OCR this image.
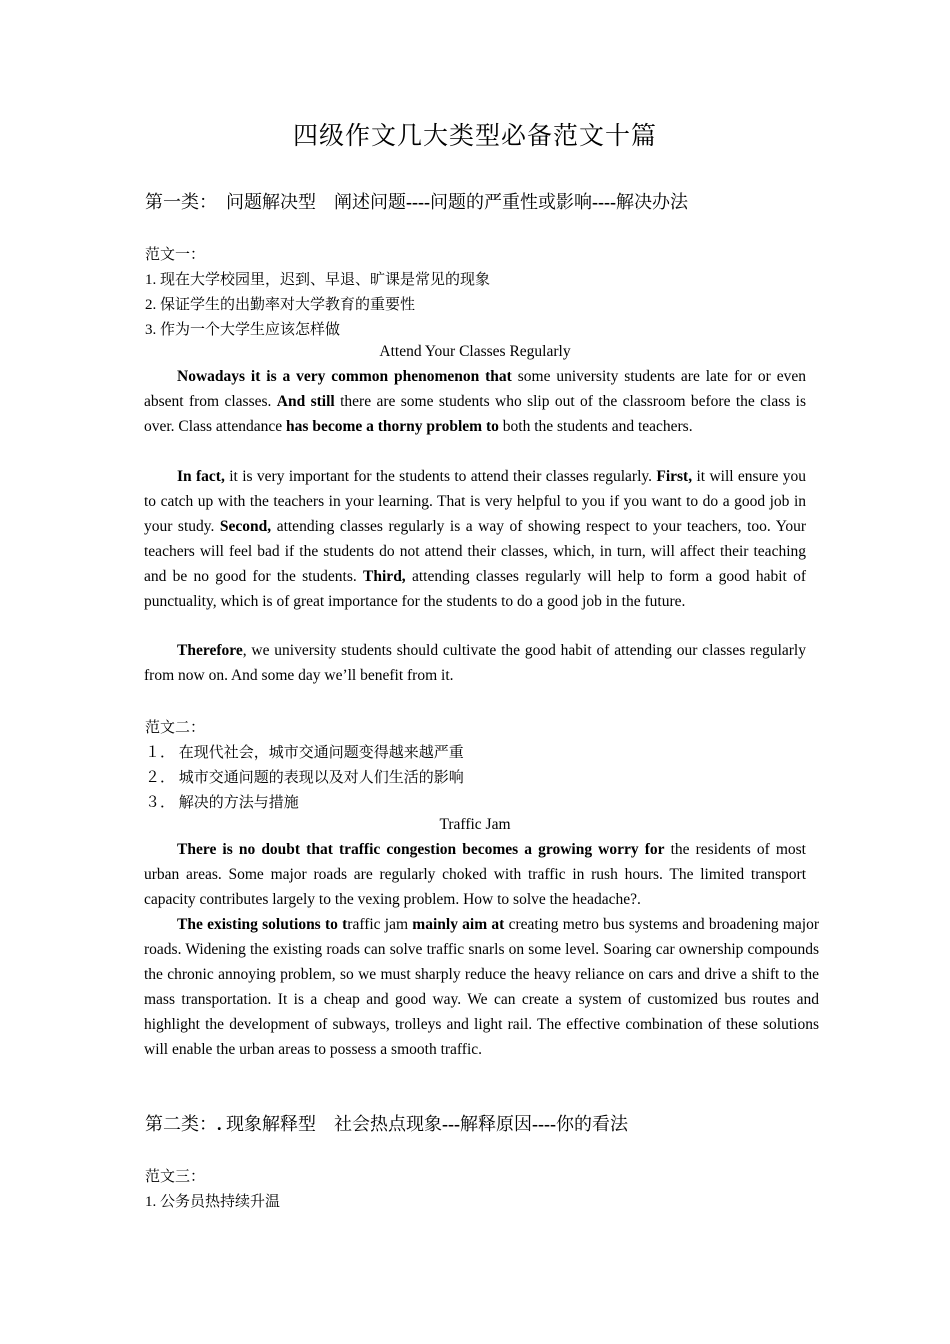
四级作文几大类型必备范文十篇
第一类：　问题解决型　阐述问题----问题的严重性或影响----解决办法
范文一：
1. 现在大学校园里，迟到、早退、旷课是常见的现象
2. 保证学生的出勤率对大学教育的重要性
3. 作为一个大学生应该怎样做
Attend Your Classes Regularly
Nowadays it is a very common phenomenon that some university students are late for or even absent from classes. And still there are some students who slip out of the classroom before the class is over. Class attendance has become a thorny problem to both the students and teachers.
In fact, it is very important for the students to attend their classes regularly. First, it will ensure you to catch up with the teachers in your learning. That is very helpful to you if you want to do a good job in your study. Second, attending classes regularly is a way of showing respect to your teachers, too. Your teachers will feel bad if the students do not attend their classes, which, in turn, will affect their teaching and be no good for the students. Third, attending classes regularly will help to form a good habit of punctuality, which is of great importance for the students to do a good job in the future.
Therefore, we university students should cultivate the good habit of attending our classes regularly from now on. And some day we’ll benefit from it.
范文二：
１． 在现代社会，城市交通问题变得越来越严重
２． 城市交通问题的表现以及对人们生活的影响
３． 解决的方法与措施
Traffic Jam
There is no doubt that traffic congestion becomes a growing worry for the residents of most urban areas. Some major roads are regularly choked with traffic in rush hours. The limited transport capacity contributes largely to the vexing problem. How to solve the headache?.
The existing solutions to traffic jam mainly aim at creating metro bus systems and broadening major roads. Widening the existing roads can solve traffic snarls on some level. Soaring car ownership compounds the chronic annoying problem, so we must sharply reduce the heavy reliance on cars and drive a shift to the mass transportation. It is a cheap and good way. We can create a system of customized bus routes and highlight the development of subways, trolleys and light rail. The effective combination of these solutions will enable the urban areas to possess a smooth traffic.
第二类：. 现象解释型　社会热点现象---解释原因----你的看法
范文三：
1. 公务员热持续升温
